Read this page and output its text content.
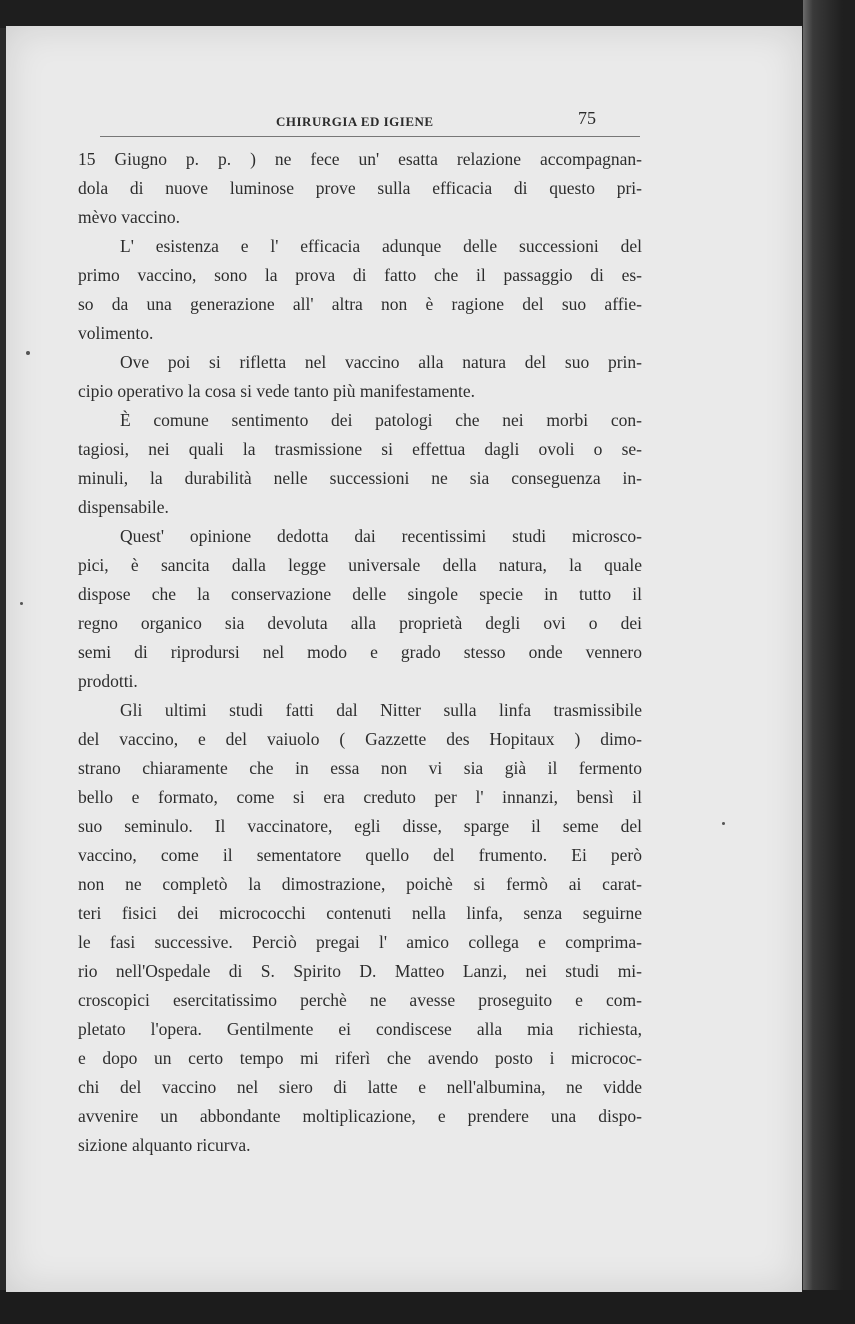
CHIRURGIA ED IGIENE	75
15 Giugno p. p. ) ne fece un' esatta relazione accompagnan-
dola di nuove luminose prove sulla efficacia di questo pri-
mèvo vaccino.
L' esistenza e l' efficacia adunque delle successioni del
primo vaccino, sono la prova di fatto che il passaggio di es-
so da una generazione all' altra non è ragione del suo affie-
volimento.
Ove poi si rifletta nel vaccino alla natura del suo prin-
cipio operativo la cosa si vede tanto più manifestamente.
È comune sentimento dei patologi che nei morbi con-
tagiosi, nei quali la trasmissione si effettua dagli ovoli o se-
minuli, la durabilità nelle successioni ne sia conseguenza in-
dispensabile.
Quest' opinione dedotta dai recentissimi studi microsco-
pici, è sancita dalla legge universale della natura, la quale
dispose che la conservazione delle singole specie in tutto il
regno organico sia devoluta alla proprietà degli ovi o dei
semi di riprodursi nel modo e grado stesso onde vennero
prodotti.
Gli ultimi studi fatti dal Nitter sulla linfa trasmissibile
del vaccino, e del vaiuolo ( Gazzette des Hopitaux ) dimo-
strano chiaramente che in essa non vi sia già il fermento
bello e formato, come si era creduto per l' innanzi, bensì il
suo seminulo. Il vaccinatore, egli disse, sparge il seme del
vaccino, come il sementatore quello del frumento. Ei però
non ne completò la dimostrazione, poichè si fermò ai carat-
teri fisici dei micrococchi contenuti nella linfa, senza seguirne
le fasi successive. Perciò pregai l' amico collega e comprima-
rio nell'Ospedale di S. Spirito D. Matteo Lanzi, nei studi mi-
croscopici esercitatissimo perchè ne avesse proseguito e com-
pletato l'opera. Gentilmente ei condiscese alla mia richiesta,
e dopo un certo tempo mi riferì che avendo posto i micrococ-
chi del vaccino nel siero di latte e nell'albumina, ne vidde
avvenire un abbondante moltiplicazione, e prendere una dispo-
sizione alquanto ricurva.
